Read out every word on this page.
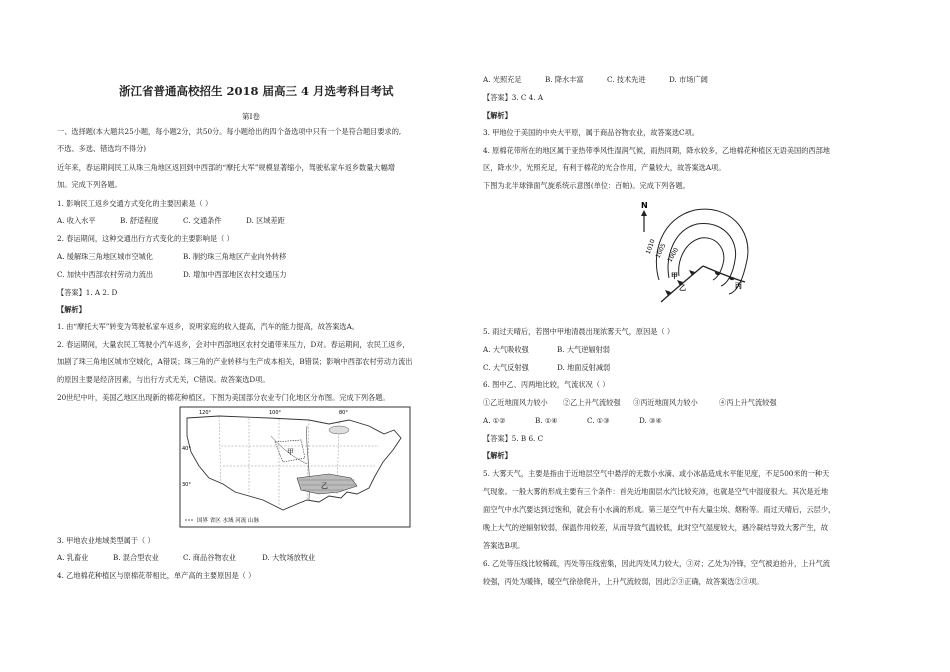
浙江省普通高校招生 2018 届高三 4 月选考科目考试
第Ⅰ卷
一、选择题(本大题共25小题，每小题2分，共50分。每小题给出的四个备选项中只有一个是符合题目要求的,
不选、多选、错选均不得分)
近年来，春运期间民工从珠三角地区返回到中西部的“摩托大军”规模显著缩小，驾驶私家车返乡数量大幅增
加。完成下列各题。
1. 影响民工返乡交通方式变化的主要因素是（ ）
A. 收入水平	B. 舒适程度	C. 交通条件	D. 区域差距
2. 春运期间，这种交通出行方式变化的主要影响是（ ）
A. 缓解珠三角地区城市空城化	B. 制约珠三角地区产业向外转移
C. 加快中西部农村劳动力流出	D. 增加中西部地区农村交通压力
【答案】1. A 2. D
【解析】
1. 由“摩托大军”转变为驾驶私家车返乡，说明家庭的收入提高，汽车的能力提高，故答案选A。
2. 春运期间，大量农民工驾驶小汽车返乡，会对中西部地区农村交通带来压力，D对。春运期间，农民工返乡，
加剧了珠三角地区城市空城化，A错误；珠三角的产业转移与生产成本相关，B错误；影响中西部农村劳动力流出
的原因主要是经济因素，与出行方式无关，C错误。故答案选D项。
20世纪中叶，美国乙地区出现新的棉花种植区。下图为美国部分农业专门化地区分布图。完成下列各题。
甲
乙
40°
30°
120°	100°	80°
国界 省区 水域 河流 山脉
3. 甲地农业地域类型属于（ ）
A. 乳畜业	B. 混合型农业	C. 商品谷物农业	D. 大牧场放牧业
4. 乙地棉花种植区与原棉花带相比，单产高的主要原因是（ ）
A. 光照充足	B. 降水丰富	C. 技术先进	D. 市场广阔
【答案】3. C 4. A
【解析】
3. 甲地位于美国的中央大平原，属于商品谷物农业，故答案选C项。
4. 原棉花带所在的地区属于亚热带季风性湿润气候，雨热同期，降水较多，乙地棉花种植区无语美国的西部地
区，降水少，光照充足，有利于棉花的光合作用，产量较大，故答案选A项。
下图为北半球锋面气旋系统示意图(单位：百帕)。完成下列各题。
N
1010
1005 1000
甲
乙	丙
5. 雨过天晴后，若图中甲地清晨出现浓雾天气，原因是（ ）
A. 大气吸收强	B. 大气逆辐射弱
C. 大气反射强	D. 地面反射减弱
6. 图中乙、丙两地比较，气流状况（ ）
①乙近地面风力较小 ②乙上升气流较强 ③丙近地面风力较小	④丙上升气流较强
A. ①②	B. ①④	C. ①③	D. ③④
【答案】5. B 6. C
【解析】
5. 大雾天气，主要是指由于近地层空气中悬浮的无数小水滴、或小冰晶造成水平能见度，不足500米的一种天
气现象。一般大雾的形成主要有三个条件：首先近地面层水汽比较充沛，也就是空气中湿度很大。其次是近地
面空气中水汽要达到过饱和，就会有小水滴的形成。第三是空气中有大量尘埃、烟粉等。雨过天晴后，云层少，
晚上大气的逆辐射较弱，保温作用较差，从而导致气温较低，此时空气湿度较大，遇冷凝结导致大雾产生，故
答案选B项。
6. 乙处等压线比较稀疏，丙处等压线密集，因此丙处风力较大，③对；乙处为冷锋，空气被迫抬升，上升气流
较强，丙处为暖锋，暖空气徐徐爬升，上升气流较弱，因此②③正确，故答案选②③项。
